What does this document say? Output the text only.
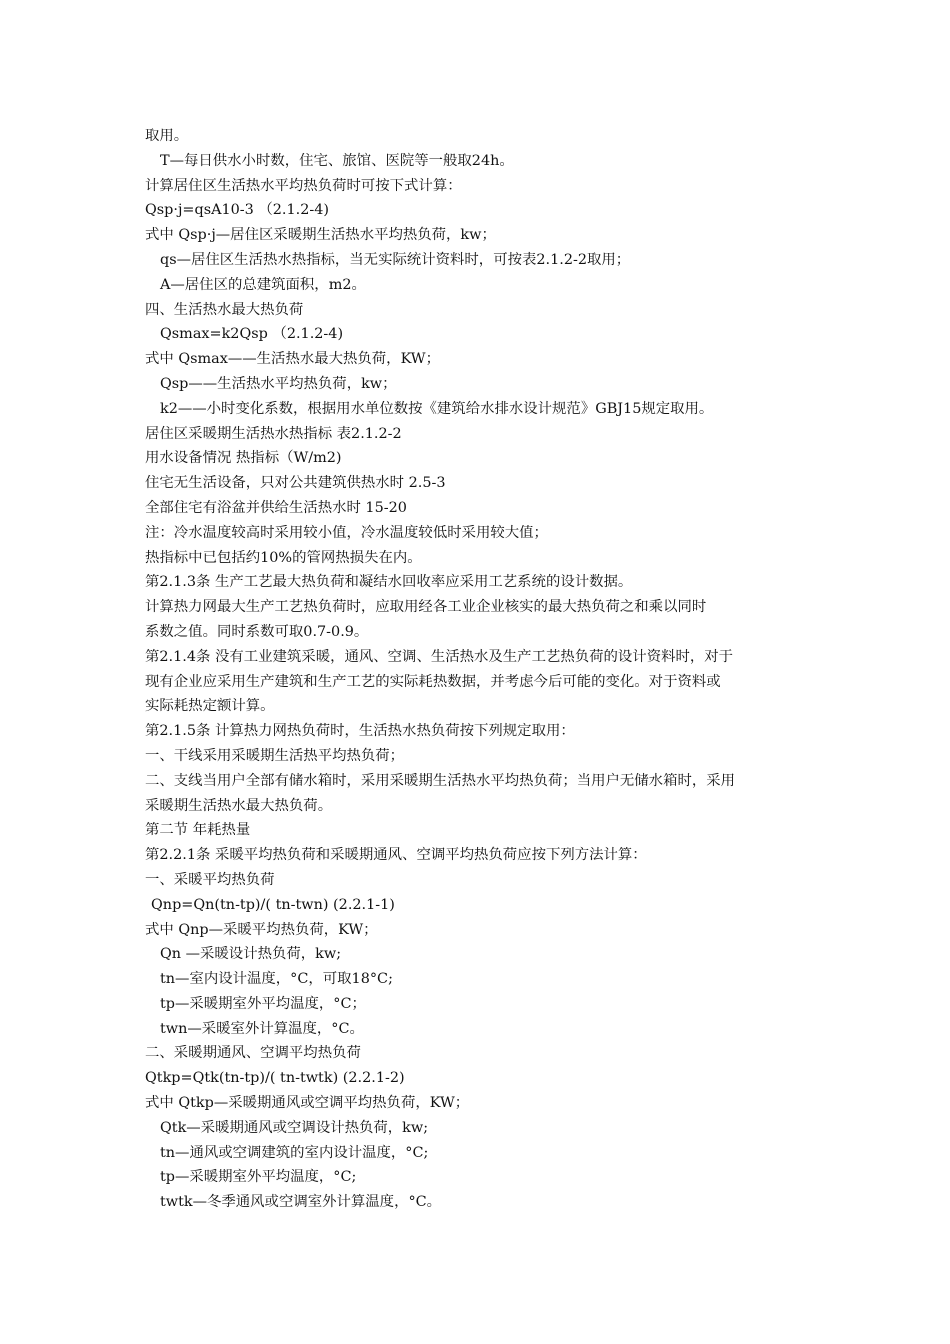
取用。
T—每日供水小时数，住宅、旅馆、医院等一般取24h。
计算居住区生活热水平均热负荷时可按下式计算：
Qsp·j=qsA10-3 （2.1.2-4)
式中 Qsp·j—居住区采暖期生活热水平均热负荷，kw；
qs—居住区生活热水热指标，当无实际统计资料时，可按表2.1.2-2取用；
A—居住区的总建筑面积，m2。
四、生活热水最大热负荷
Qsmax=k2Qsp （2.1.2-4)
式中 Qsmax——生活热水最大热负荷，KW；
Qsp——生活热水平均热负荷，kw；
k2——小时变化系数，根据用水单位数按《建筑给水排水设计规范》GBJ15规定取用。
居住区采暖期生活热水热指标 表2.1.2-2
用水设备情况 热指标（W/m2)
住宅无生活设备，只对公共建筑供热水时 2.5-3
全部住宅有浴盆并供给生活热水时 15-20
注：冷水温度较高时采用较小值，冷水温度较低时采用较大值；
热指标中已包括约10%的管网热损失在内。
第2.1.3条 生产工艺最大热负荷和凝结水回收率应采用工艺系统的设计数据。
计算热力网最大生产工艺热负荷时，应取用经各工业企业核实的最大热负荷之和乘以同时
系数之值。同时系数可取0.7-0.9。
第2.1.4条 没有工业建筑采暖，通风、空调、生活热水及生产工艺热负荷的设计资料时，对于
现有企业应采用生产建筑和生产工艺的实际耗热数据，并考虑今后可能的变化。对于资料或
实际耗热定额计算。
第2.1.5条 计算热力网热负荷时，生活热水热负荷按下列规定取用：
一、干线采用采暖期生活热平均热负荷；
二、支线当用户全部有储水箱时，采用采暖期生活热水平均热负荷；当用户无储水箱时，采用
采暖期生活热水最大热负荷。
第二节 年耗热量
第2.2.1条 采暖平均热负荷和采暖期通风、空调平均热负荷应按下列方法计算：
一、采暖平均热负荷
Qnp=Qn(tn-tp)/( tn-twn) (2.2.1-1)
式中 Qnp—采暖平均热负荷，KW；
Qn —采暖设计热负荷，kw;
tn—室内设计温度，°C，可取18°C;
tp—采暖期室外平均温度，°C；
twn—采暖室外计算温度，°C。
二、采暖期通风、空调平均热负荷
Qtkp=Qtk(tn-tp)/( tn-twtk) (2.2.1-2)
式中 Qtkp—采暖期通风或空调平均热负荷，KW；
Qtk—采暖期通风或空调设计热负荷，kw;
tn—通风或空调建筑的室内设计温度，°C;
tp—采暖期室外平均温度，°C;
twtk—冬季通风或空调室外计算温度，°C。
